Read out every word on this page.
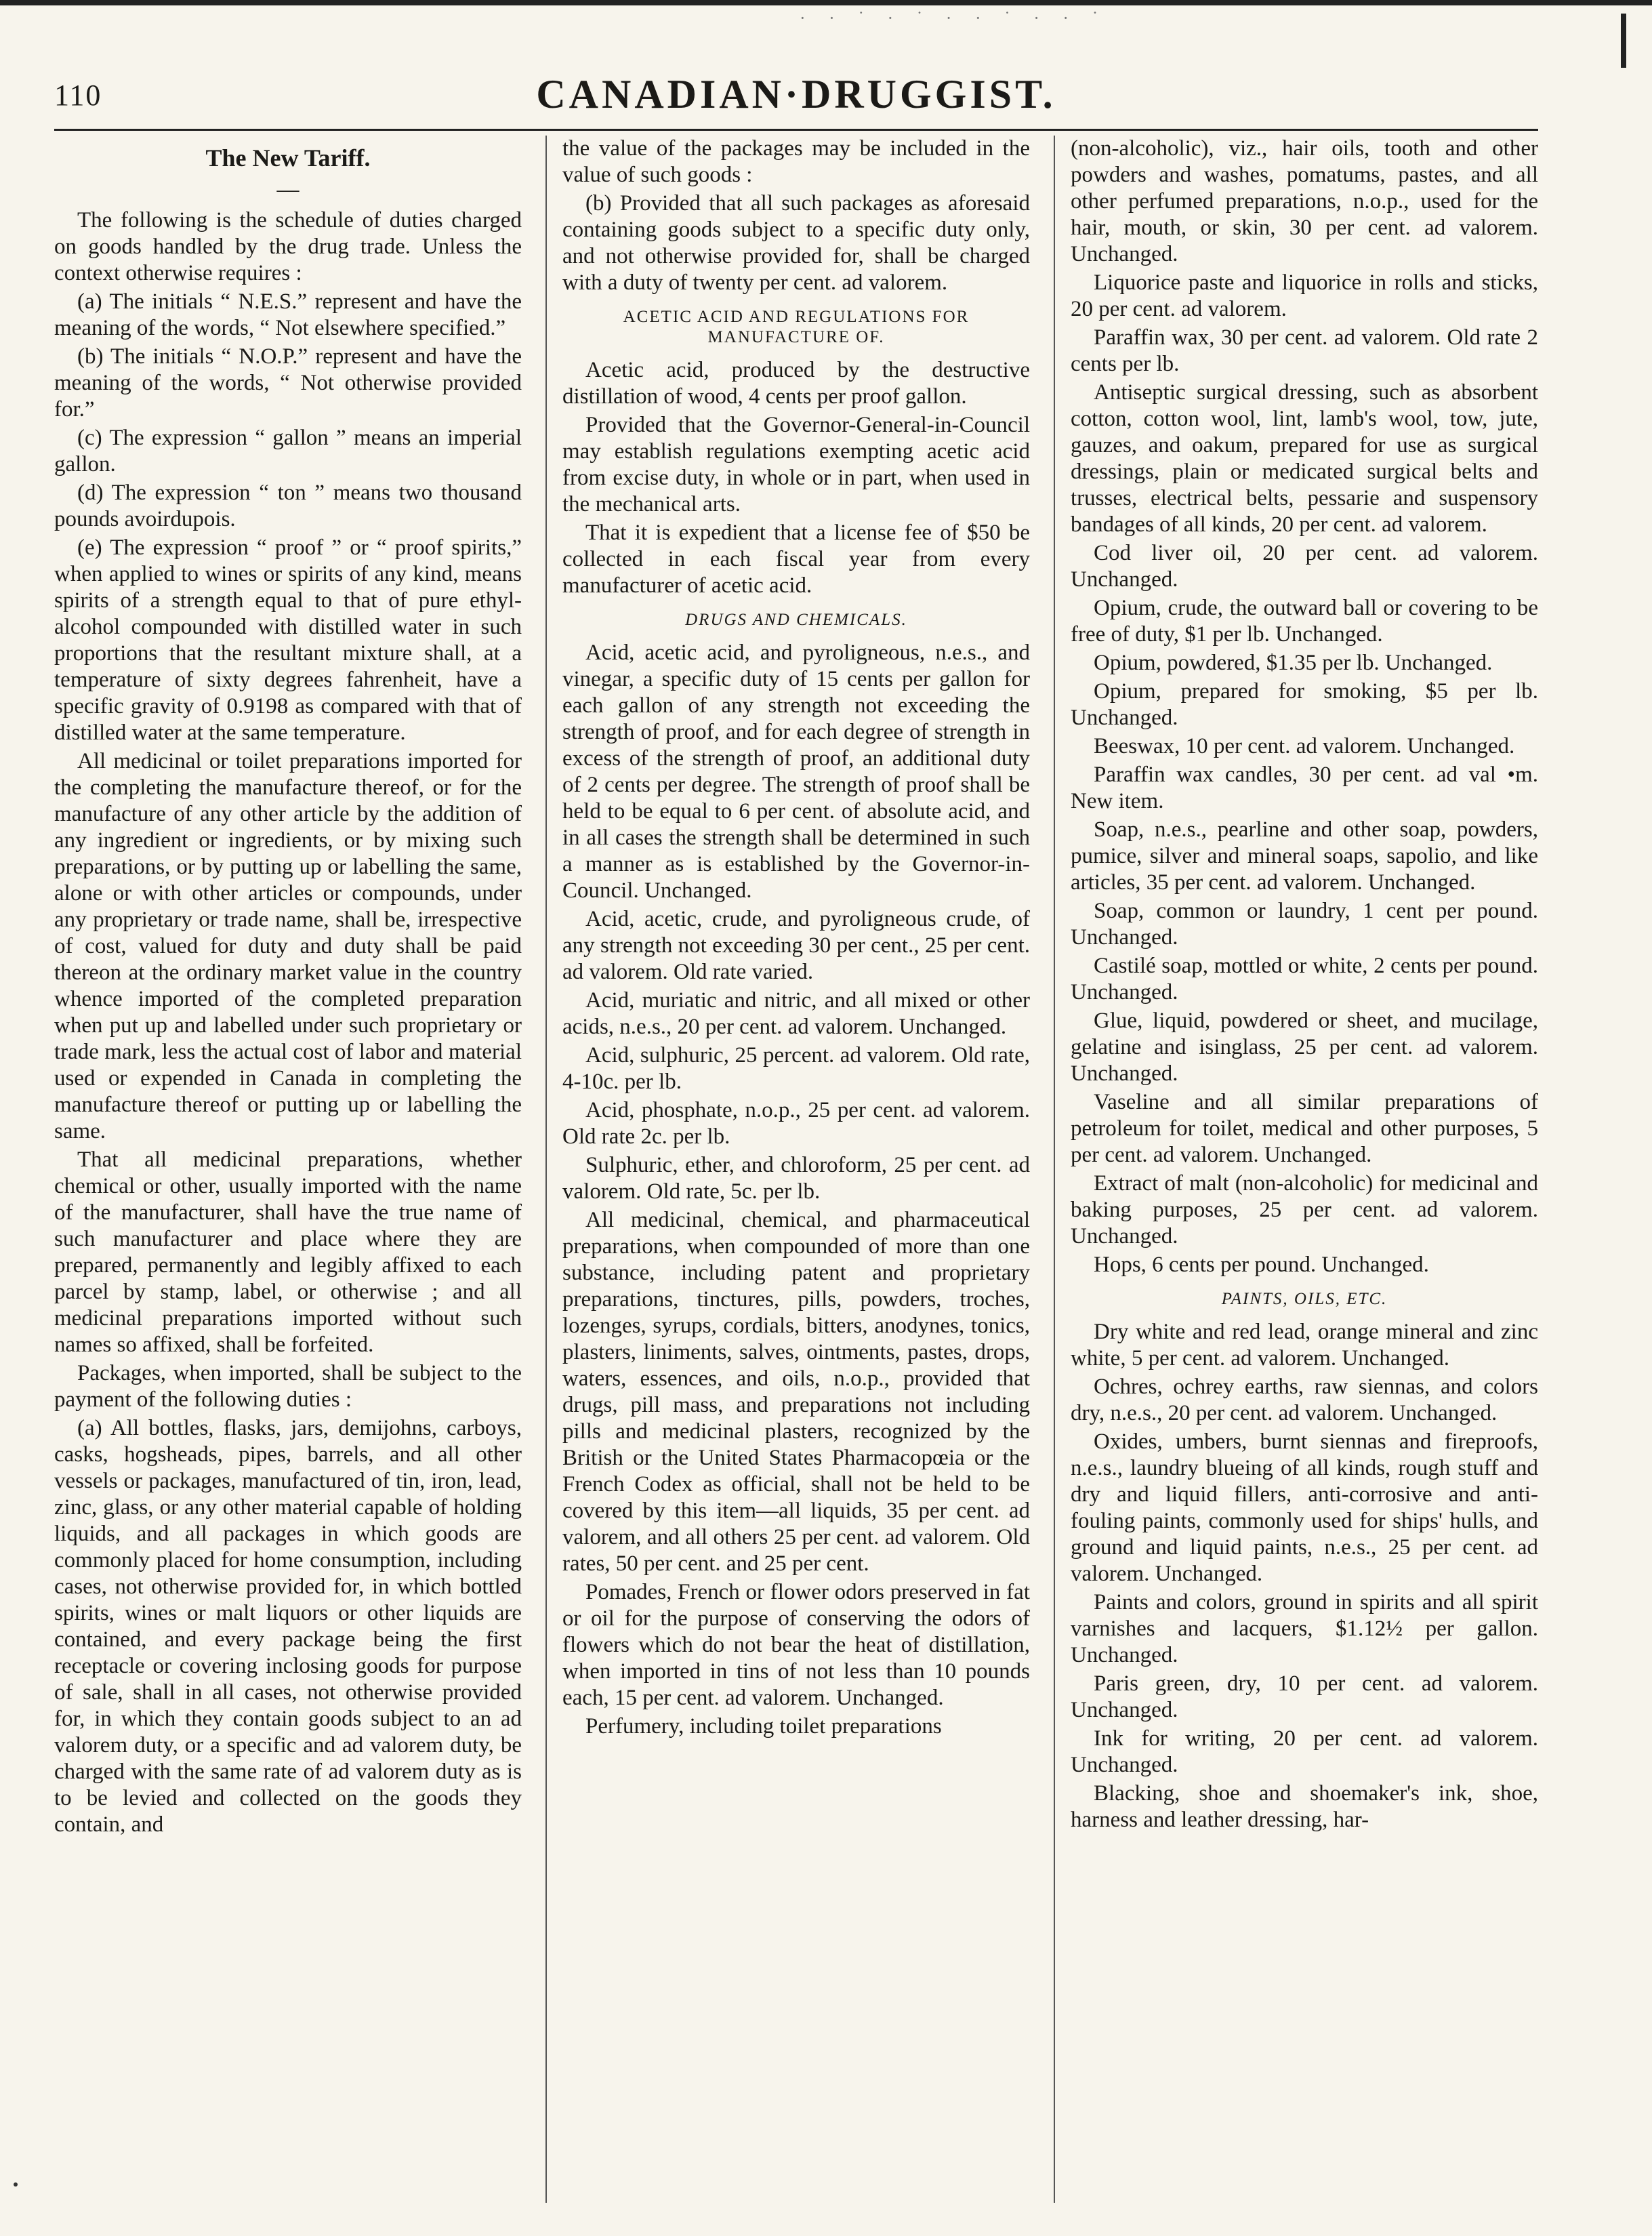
· · ˙ · ˙ · · ˙ · · ˙
110	CANADIAN·DRUGGIST.
The New Tariff.
—

The following is the schedule of duties charged on goods handled by the drug trade. Unless the context otherwise requires :

(a) The initials “ N.E.S.” represent and have the meaning of the words, “ Not elsewhere specified.”

(b) The initials “ N.O.P.” represent and have the meaning of the words, “ Not otherwise provided for.”

(c) The expression “ gallon ” means an imperial gallon.

(d) The expression “ ton ” means two thousand pounds avoirdupois.

(e) The expression “ proof ” or “ proof spirits,” when applied to wines or spirits of any kind, means spirits of a strength equal to that of pure ethyl-alcohol compounded with distilled water in such proportions that the resultant mixture shall, at a temperature of sixty degrees fahrenheit, have a specific gravity of 0.9198 as compared with that of distilled water at the same temperature.

All medicinal or toilet preparations imported for the completing the manufacture thereof, or for the manufacture of any other article by the addition of any ingredient or ingredients, or by mixing such preparations, or by putting up or labelling the same, alone or with other articles or compounds, under any proprietary or trade name, shall be, irrespective of cost, valued for duty and duty shall be paid thereon at the ordinary market value in the country whence imported of the completed preparation when put up and labelled under such proprietary or trade mark, less the actual cost of labor and material used or expended in Canada in completing the manufacture thereof or putting up or labelling the same.

That all medicinal preparations, whether chemical or other, usually imported with the name of the manufacturer, shall have the true name of such manufacturer and place where they are prepared, permanently and legibly affixed to each parcel by stamp, label, or otherwise ; and all medicinal preparations imported without such names so affixed, shall be forfeited.

Packages, when imported, shall be subject to the payment of the following duties :

(a) All bottles, flasks, jars, demijohns, carboys, casks, hogsheads, pipes, barrels, and all other vessels or packages, manufactured of tin, iron, lead, zinc, glass, or any other material capable of holding liquids, and all packages in which goods are commonly placed for home consumption, including cases, not otherwise provided for, in which bottled spirits, wines or malt liquors or other liquids are contained, and every package being the first receptacle or covering inclosing goods for purpose of sale, shall in all cases, not otherwise provided for, in which they contain goods subject to an ad valorem duty, or a specific and ad valorem duty, be charged with the same rate of ad valorem duty as is to be levied and collected on the goods they contain, and

the value of the packages may be included in the value of such goods :

(b) Provided that all such packages as aforesaid containing goods subject to a specific duty only, and not otherwise provided for, shall be charged with a duty of twenty per cent. ad valorem.

ACETIC ACID AND REGULATIONS FOR MANUFACTURE OF.

Acetic acid, produced by the destructive distillation of wood, 4 cents per proof gallon.

Provided that the Governor-General-in-Council may establish regulations exempting acetic acid from excise duty, in whole or in part, when used in the mechanical arts.

That it is expedient that a license fee of $50 be collected in each fiscal year from every manufacturer of acetic acid.

DRUGS AND CHEMICALS.

Acid, acetic acid, and pyroligneous, n.e.s., and vinegar, a specific duty of 15 cents per gallon for each gallon of any strength not exceeding the strength of proof, and for each degree of strength in excess of the strength of proof, an additional duty of 2 cents per degree. The strength of proof shall be held to be equal to 6 per cent. of absolute acid, and in all cases the strength shall be determined in such a manner as is established by the Governor-in-Council. Unchanged.

Acid, acetic, crude, and pyroligneous crude, of any strength not exceeding 30 per cent., 25 per cent. ad valorem. Old rate varied.

Acid, muriatic and nitric, and all mixed or other acids, n.e.s., 20 per cent. ad valorem. Unchanged.

Acid, sulphuric, 25 percent. ad valorem. Old rate, 4-10c. per lb.

Acid, phosphate, n.o.p., 25 per cent. ad valorem. Old rate 2c. per lb.

Sulphuric, ether, and chloroform, 25 per cent. ad valorem. Old rate, 5c. per lb.

All medicinal, chemical, and pharmaceutical preparations, when compounded of more than one substance, including patent and proprietary preparations, tinctures, pills, powders, troches, lozenges, syrups, cordials, bitters, anodynes, tonics, plasters, liniments, salves, ointments, pastes, drops, waters, essences, and oils, n.o.p., provided that drugs, pill mass, and preparations not including pills and medicinal plasters, recognized by the British or the United States Pharmacopœia or the French Codex as official, shall not be held to be covered by this item—all liquids, 35 per cent. ad valorem, and all others 25 per cent. ad valorem. Old rates, 50 per cent. and 25 per cent.

Pomades, French or flower odors preserved in fat or oil for the purpose of conserving the odors of flowers which do not bear the heat of distillation, when imported in tins of not less than 10 pounds each, 15 per cent. ad valorem. Unchanged.

Perfumery, including toilet preparations

(non-alcoholic), viz., hair oils, tooth and other powders and washes, pomatums, pastes, and all other perfumed preparations, n.o.p., used for the hair, mouth, or skin, 30 per cent. ad valorem. Unchanged.

Liquorice paste and liquorice in rolls and sticks, 20 per cent. ad valorem.

Paraffin wax, 30 per cent. ad valorem. Old rate 2 cents per lb.

Antiseptic surgical dressing, such as absorbent cotton, cotton wool, lint, lamb's wool, tow, jute, gauzes, and oakum, prepared for use as surgical dressings, plain or medicated surgical belts and trusses, electrical belts, pessarie and suspensory bandages of all kinds, 20 per cent. ad valorem.

Cod liver oil, 20 per cent. ad valorem. Unchanged.

Opium, crude, the outward ball or covering to be free of duty, $1 per lb. Unchanged.

Opium, powdered, $1.35 per lb. Unchanged.

Opium, prepared for smoking, $5 per lb. Unchanged.

Beeswax, 10 per cent. ad valorem. Unchanged.

Paraffin wax candles, 30 per cent. ad val •m. New item.

Soap, n.e.s., pearline and other soap, powders, pumice, silver and mineral soaps, sapolio, and like articles, 35 per cent. ad valorem. Unchanged.

Soap, common or laundry, 1 cent per pound. Unchanged.

Castilé soap, mottled or white, 2 cents per pound. Unchanged.

Glue, liquid, powdered or sheet, and mucilage, gelatine and isinglass, 25 per cent. ad valorem. Unchanged.

Vaseline and all similar preparations of petroleum for toilet, medical and other purposes, 5 per cent. ad valorem. Unchanged.

Extract of malt (non-alcoholic) for medicinal and baking purposes, 25 per cent. ad valorem. Unchanged.

Hops, 6 cents per pound. Unchanged.

PAINTS, OILS, ETC.

Dry white and red lead, orange mineral and zinc white, 5 per cent. ad valorem. Unchanged.

Ochres, ochrey earths, raw siennas, and colors dry, n.e.s., 20 per cent. ad valorem. Unchanged.

Oxides, umbers, burnt siennas and fireproofs, n.e.s., laundry blueing of all kinds, rough stuff and dry and liquid fillers, anti-corrosive and anti-fouling paints, commonly used for ships' hulls, and ground and liquid paints, n.e.s., 25 per cent. ad valorem. Unchanged.

Paints and colors, ground in spirits and all spirit varnishes and lacquers, $1.12½ per gallon. Unchanged.

Paris green, dry, 10 per cent. ad valorem. Unchanged.

Ink for writing, 20 per cent. ad valorem. Unchanged.

Blacking, shoe and shoemaker's ink, shoe, harness and leather dressing, har-
